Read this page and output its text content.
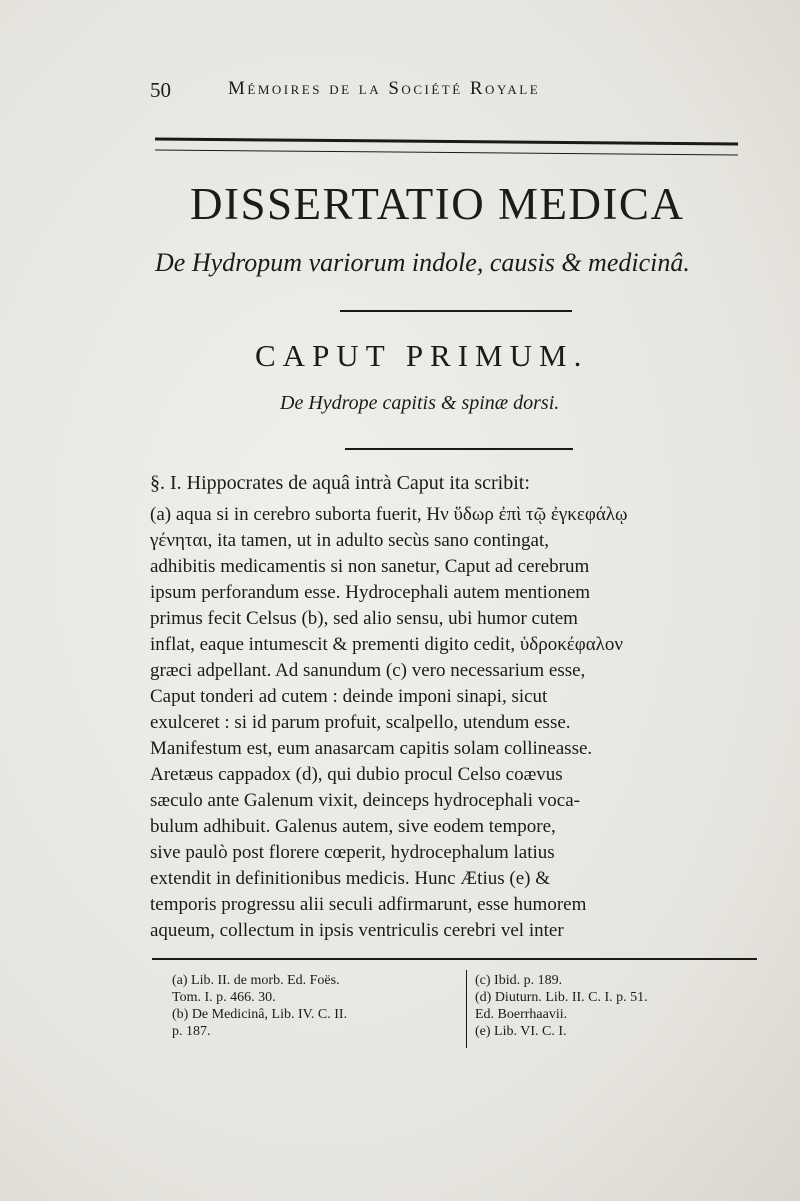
50	Mémoires de la Société Royale
DISSERTATIO MEDICA
De Hydropum variorum indole, causis & medicinâ.
CAPUT PRIMUM.
De Hydrope capitis & spinæ dorsi.
§. I. Hippocrates de aquâ intrà Caput ita scribit:
(a) aqua si in cerebro suborta fuerit, Ην ὕδωρ ἐπὶ τῷ ἐγκεφάλῳ
γένηται, ita tamen, ut in adulto secùs sano contingat,
adhibitis medicamentis si non sanetur, Caput ad cerebrum
ipsum perforandum esse. Hydrocephali autem mentionem
primus fecit Celsus (b), sed alio sensu, ubi humor cutem
inflat, eaque intumescit & prementi digito cedit, ὑδροκέφαλον
græci adpellant. Ad sanundum (c) vero necessarium esse,
Caput tonderi ad cutem : deinde imponi sinapi, sicut
exulceret : si id parum profuit, scalpello, utendum esse.
Manifestum est, eum anasarcam capitis solam collineasse.
Aretæus cappadox (d), qui dubio procul Celso coævus
sæculo ante Galenum vixit, deinceps hydrocephali voca-
bulum adhibuit. Galenus autem, sive eodem tempore,
sive paulò post florere cœperit, hydrocephalum latius
extendit in definitionibus medicis. Hunc Ætius (e) &
temporis progressu alii seculi adfirmarunt, esse humorem
aqueum, collectum in ipsis ventriculis cerebri vel inter
(a) Lib. II. de morb. Ed. Foës.
Tom. I. p. 466. 30.
(b) De Medicinâ, Lib. IV. C. II.
p. 187.
(c) Ibid. p. 189.
(d) Diuturn. Lib. II. C. I. p. 51.
Ed. Boerrhaavii.
(e) Lib. VI. C. I.
